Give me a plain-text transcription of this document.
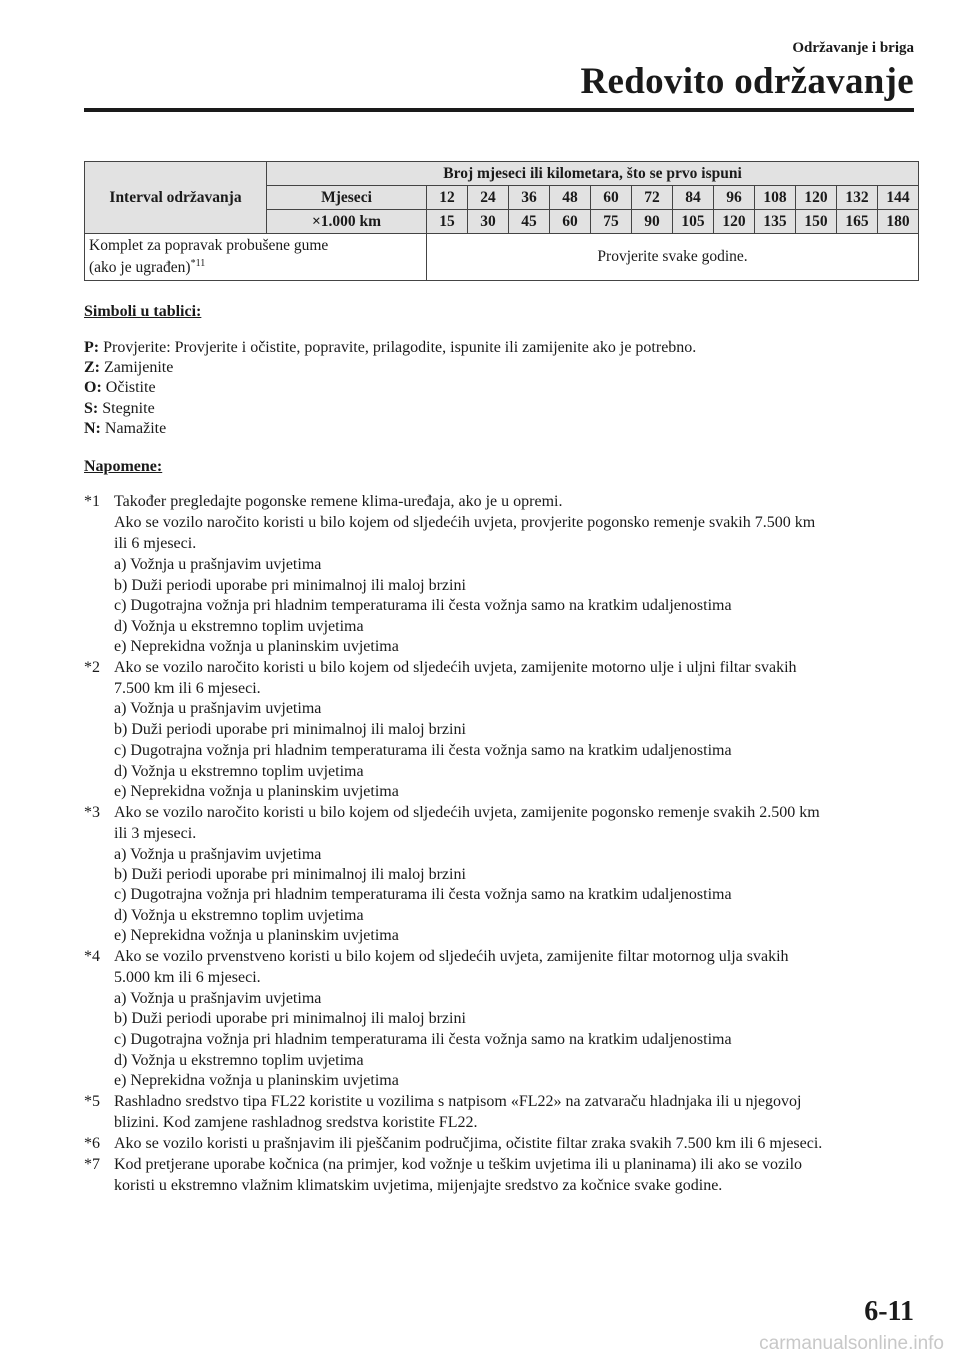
Održavanje i briga
Redovito održavanje
Interval održavanja	Broj mjeseci ili kilometara, što se prvo ispuni												
	Mjeseci	12	24	36	48	60	72	84	96	108	120	132	144
	×1.000 km	15	30	45	60	75	90	105	120	135	150	165	180
Komplet za popravak probušene gume
(ako je ugrađen)$^{*11}$		Provjerite svake godine.											
Simboli u tablici:
P: Provjerite: Provjerite i očistite, popravite, prilagodite, ispunite ili zamijenite ako je potrebno.
Z: Zamijenite
O: Očistite
S: Stegnite
N: Namažite
Napomene:
*1 Također pregledajte pogonske remene klima-uređaja, ako je u opremi.
Ako se vozilo naročito koristi u bilo kojem od sljedećih uvjeta, provjerite pogonsko remenje svakih 7.500 km
ili 6 mjeseci.
a) Vožnja u prašnjavim uvjetima
b) Duži periodi uporabe pri minimalnoj ili maloj brzini
c) Dugotrajna vožnja pri hladnim temperaturama ili česta vožnja samo na kratkim udaljenostima
d) Vožnja u ekstremno toplim uvjetima
e) Neprekidna vožnja u planinskim uvjetima
*2 Ako se vozilo naročito koristi u bilo kojem od sljedećih uvjeta, zamijenite motorno ulje i uljni filtar svakih
7.500 km ili 6 mjeseci.
a) Vožnja u prašnjavim uvjetima
b) Duži periodi uporabe pri minimalnoj ili maloj brzini
c) Dugotrajna vožnja pri hladnim temperaturama ili česta vožnja samo na kratkim udaljenostima
d) Vožnja u ekstremno toplim uvjetima
e) Neprekidna vožnja u planinskim uvjetima
*3 Ako se vozilo naročito koristi u bilo kojem od sljedećih uvjeta, zamijenite pogonsko remenje svakih 2.500 km
ili 3 mjeseci.
a) Vožnja u prašnjavim uvjetima
b) Duži periodi uporabe pri minimalnoj ili maloj brzini
c) Dugotrajna vožnja pri hladnim temperaturama ili česta vožnja samo na kratkim udaljenostima
d) Vožnja u ekstremno toplim uvjetima
e) Neprekidna vožnja u planinskim uvjetima
*4 Ako se vozilo prvenstveno koristi u bilo kojem od sljedećih uvjeta, zamijenite filtar motornog ulja svakih
5.000 km ili 6 mjeseci.
a) Vožnja u prašnjavim uvjetima
b) Duži periodi uporabe pri minimalnoj ili maloj brzini
c) Dugotrajna vožnja pri hladnim temperaturama ili česta vožnja samo na kratkim udaljenostima
d) Vožnja u ekstremno toplim uvjetima
e) Neprekidna vožnja u planinskim uvjetima
*5 Rashladno sredstvo tipa FL22 koristite u vozilima s natpisom «FL22» na zatvaraču hladnjaka ili u njegovoj
blizini. Kod zamjene rashladnog sredstva koristite FL22.
*6 Ako se vozilo koristi u prašnjavim ili pješčanim područjima, očistite filtar zraka svakih 7.500 km ili 6 mjeseci.
*7 Kod pretjerane uporabe kočnica (na primjer, kod vožnje u teškim uvjetima ili u planinama) ili ako se vozilo
koristi u ekstremno vlažnim klimatskim uvjetima, mijenjajte sredstvo za kočnice svake godine.
6-11
carmanualsonline.info
